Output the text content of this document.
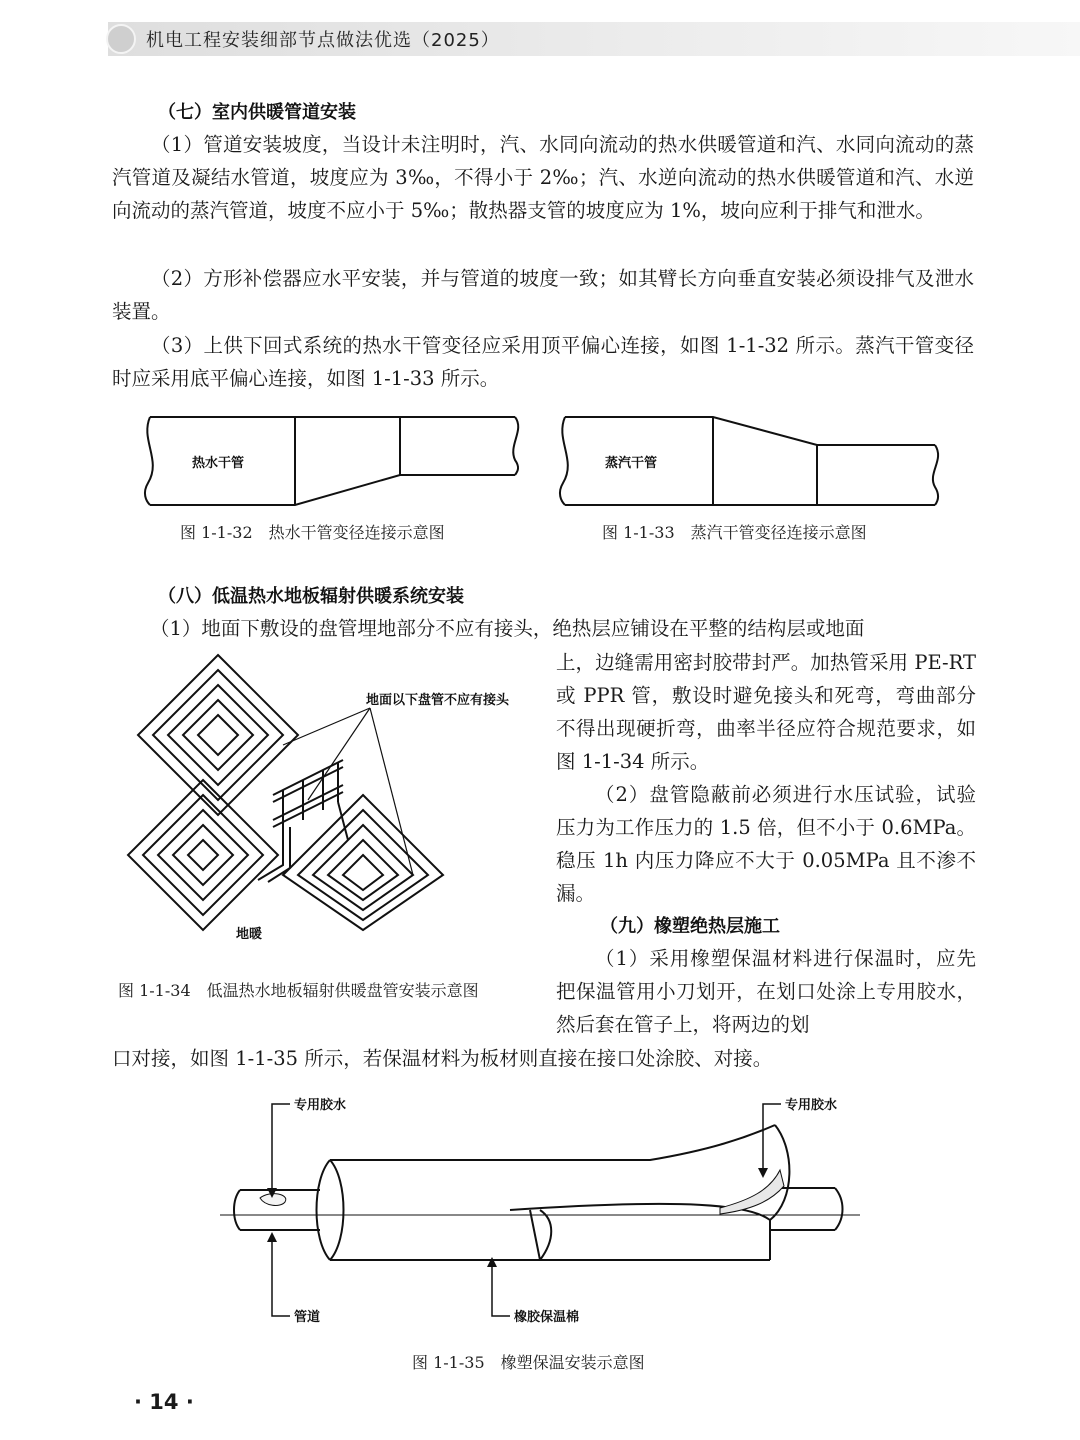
机电工程安装细部节点做法优选（2025）
（七）室内供暖管道安装

（1）管道安装坡度，当设计未注明时，汽、水同向流动的热水供暖管道和汽、水同向流动的蒸汽管道及凝结水管道，坡度应为 3‰，不得小于 2‰；汽、水逆向流动的热水供暖管道和汽、水逆向流动的蒸汽管道，坡度不应小于 5‰；散热器支管的坡度应为 1%，坡向应利于排气和泄水。

（2）方形补偿器应水平安装，并与管道的坡度一致；如其臂长方向垂直安装必须设排气及泄水装置。

（3）上供下回式系统的热水干管变径应采用顶平偏心连接，如图 1-1-32 所示。蒸汽干管变径时应采用底平偏心连接，如图 1-1-33 所示。

热水干管
图 1-1-32　热水干管变径连接示意图
蒸汽干管
图 1-1-33　蒸汽干管变径连接示意图
（八）低温热水地板辐射供暖系统安装

（1）地面下敷设的盘管埋地部分不应有接头，绝热层应铺设在平整的结构层或地面

上，边缝需用密封胶带封严。加热管采用 PE-RT 或 PPR 管，敷设时避免接头和死弯，弯曲部分不得出现硬折弯，曲率半径应符合规范要求，如图 1-1-34 所示。

（2）盘管隐蔽前必须进行水压试验，试验压力为工作压力的 1.5 倍，但不小于 0.6MPa。稳压 1h 内压力降应不大于 0.05MPa 且不渗不漏。

地面以下盘管不应有接头
地暖
图 1-1-34　低温热水地板辐射供暖盘管安装示意图
（九）橡塑绝热层施工

（1）采用橡塑保温材料进行保温时，应先把保温管用小刀划开，在划口处涂上专用胶水，然后套在管子上，将两边的划

口对接，如图 1-1-35 所示，若保温材料为板材则直接在接口处涂胶、对接。

专用胶水	专用胶水
管道	橡胶保温棉
图 1-1-35　橡塑保温安装示意图
· 14 ·
